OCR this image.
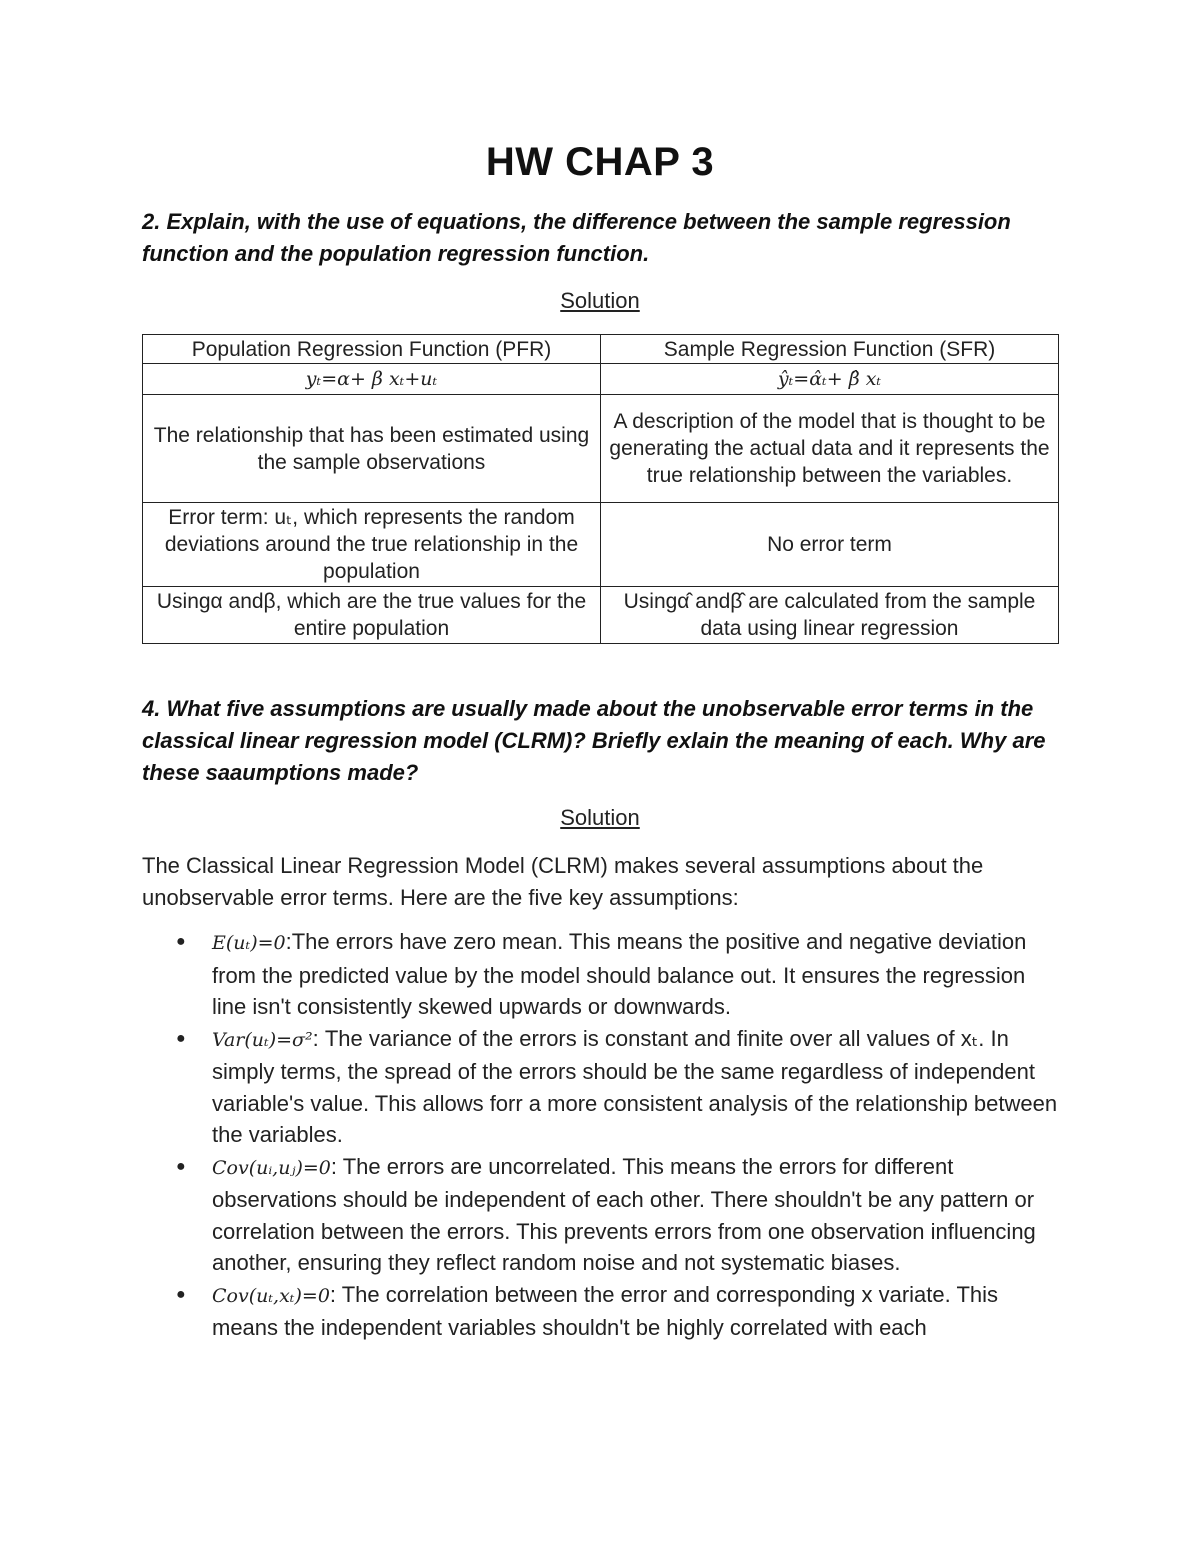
HW CHAP 3
2. Explain, with the use of equations, the difference between the sample regression function and the population regression function.
Solution
Population Regression Function (PFR)	Sample Regression Function (SFR)
yₜ=α+ β xₜ+uₜ	ŷₜ=α̂ₜ+ β̂ xₜ
The relationship that has been estimated using the sample observations	A description of the model that is thought to be generating the actual data and it represents the true relationship between the variables.
Error term: uₜ, which represents the random deviations around the true relationship in the population	No error term
Usingα andβ, which are the true values for the entire population	Usingα̂ andβ̂ are calculated from the sample data using linear regression
4. What five assumptions are usually made about the unobservable error terms in the classical linear regression model (CLRM)? Briefly exlain the meaning of each. Why are these saaumptions made?
Solution
The Classical Linear Regression Model (CLRM) makes several assumptions about the unobservable error terms. Here are the five key assumptions:
● E(uₜ)=0:The errors have zero mean. This means the positive and negative deviation from the predicted value by the model should balance out. It ensures the regression line isn't consistently skewed upwards or downwards.
● Var(uₜ)=σ²: The variance of the errors is constant and finite over all values of xₜ. In simply terms, the spread of the errors should be the same regardless of independent variable's value. This allows forr a more consistent analysis of the relationship between the variables.
● Cov(uᵢ,uⱼ)=0: The errors are uncorrelated. This means the errors for different observations should be independent of each other. There shouldn't be any pattern or correlation between the errors. This prevents errors from one observation influencing another, ensuring they reflect random noise and not systematic biases.
● Cov(uₜ,xₜ)=0: The correlation between the error and corresponding x variate. This means the independent variables shouldn't be highly correlated with each
